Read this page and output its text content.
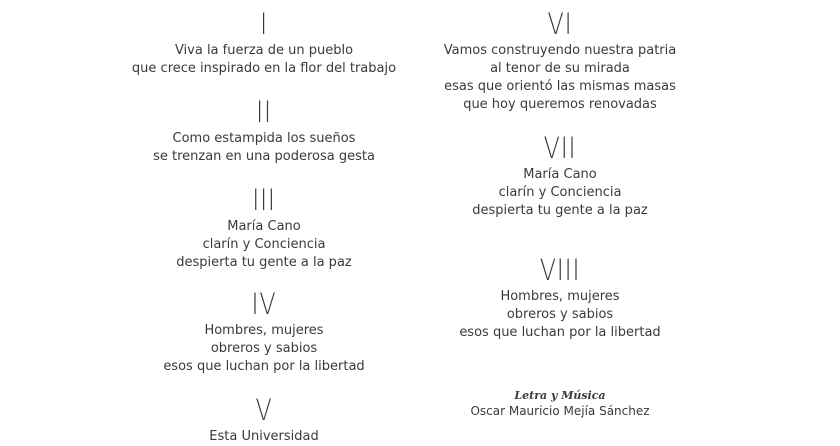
I
Viva la fuerza de un pueblo
que crece inspirado en la flor del trabajo
II
Como estampida los sueños
se trenzan en una poderosa gesta
III
María Cano
clarín y Conciencia
despierta tu gente a la paz
IV
Hombres, mujeres
obreros y sabios
esos que luchan por la libertad
V
Esta Universidad
VI
Vamos construyendo nuestra patria
al tenor de su mirada
esas que orientó las mismas masas
que hoy queremos renovadas
VII
María Cano
clarín y Conciencia
despierta tu gente a la paz
VIII
Hombres, mujeres
obreros y sabios
esos que luchan por la libertad
Letra y Música
Oscar Mauricio Mejía Sánchez
